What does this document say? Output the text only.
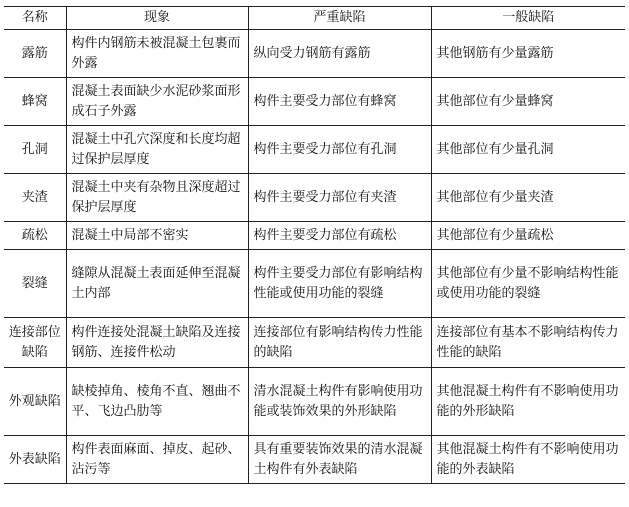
名称	现象	严重缺陷	一般缺陷
露筋	构件内钢筋未被混凝土包裹而外露	纵向受力钢筋有露筋	其他钢筋有少量露筋
蜂窝	混凝土表面缺少水泥砂浆面形成石子外露	构件主要受力部位有蜂窝	其他部位有少量蜂窝
孔洞	混凝土中孔穴深度和长度均超过保护层厚度	构件主要受力部位有孔洞	其他部位有少量孔洞
夹渣	混凝土中夹有杂物且深度超过保护层厚度	构件主要受力部位有夹渣	其他部位有少量夹渣
疏松	混凝土中局部不密实	构件主要受力部位有疏松	其他部位有少量疏松
裂缝	缝隙从混凝土表面延伸至混凝土内部	构件主要受力部位有影响结构性能或使用功能的裂缝	其他部位有少量不影响结构性能或使用功能的裂缝
连接部位缺陷	构件连接处混凝土缺陷及连接钢筋、连接件松动	连接部位有影响结构传力性能的缺陷	连接部位有基本不影响结构传力性能的缺陷
外观缺陷	缺棱掉角、棱角不直、翘曲不平、飞边凸肋等	清水混凝土构件有影响使用功能或装饰效果的外形缺陷	其他混凝土构件有不影响使用功能的外形缺陷
外表缺陷	构件表面麻面、掉皮、起砂、沾污等	具有重要装饰效果的清水混凝土构件有外表缺陷	其他混凝土构件有不影响使用功能的外表缺陷
